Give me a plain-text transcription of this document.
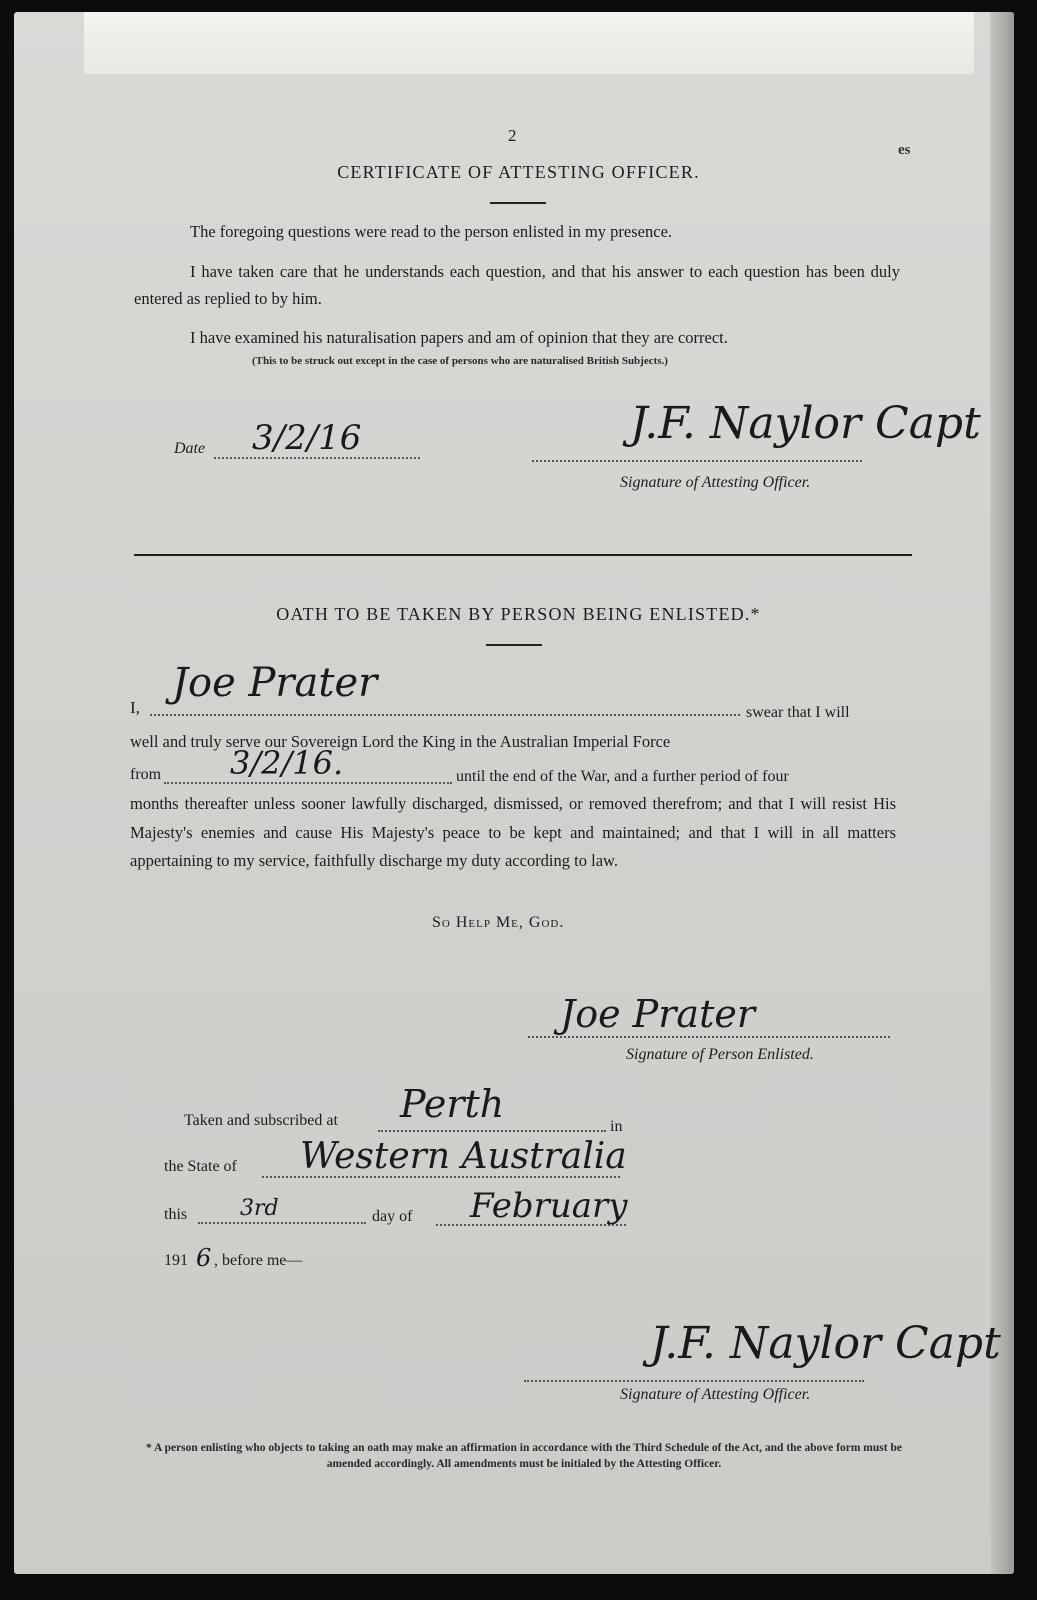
2
es
CERTIFICATE OF ATTESTING OFFICER.
The foregoing questions were read to the person enlisted in my presence.
I have taken care that he understands each question, and that his answer to each question has been duly entered as replied to by him.
I have examined his naturalisation papers and am of opinion that they are correct.
(This to be struck out except in the case of persons who are naturalised British Subjects.)
Date 3/2/16	J.F. Naylor Capt
Signature of Attesting Officer.
OATH TO BE TAKEN BY PERSON BEING ENLISTED.*
I,
Joe Prater
swear that I will
well and truly serve our Sovereign Lord the King in the Australian Imperial Force
from 3/2/16.	until the end of the War, and a further period of four
months thereafter unless sooner lawfully discharged, dismissed, or removed therefrom; and that I will resist His Majesty's enemies and cause His Majesty's peace to be kept and maintained; and that I will in all matters appertaining to my service, faithfully discharge my duty according to law.
So Help Me, God.
Joe Prater
Signature of Person Enlisted.
Taken and subscribed at Perth
in
the State of Western Australia
this 3rd	day of February
191 6 , before me—
J.F. Naylor Capt
Signature of Attesting Officer.
* A person enlisting who objects to taking an oath may make an affirmation in accordance with the Third Schedule of the Act, and the above form must be amended accordingly. All amendments must be initialed by the Attesting Officer.
